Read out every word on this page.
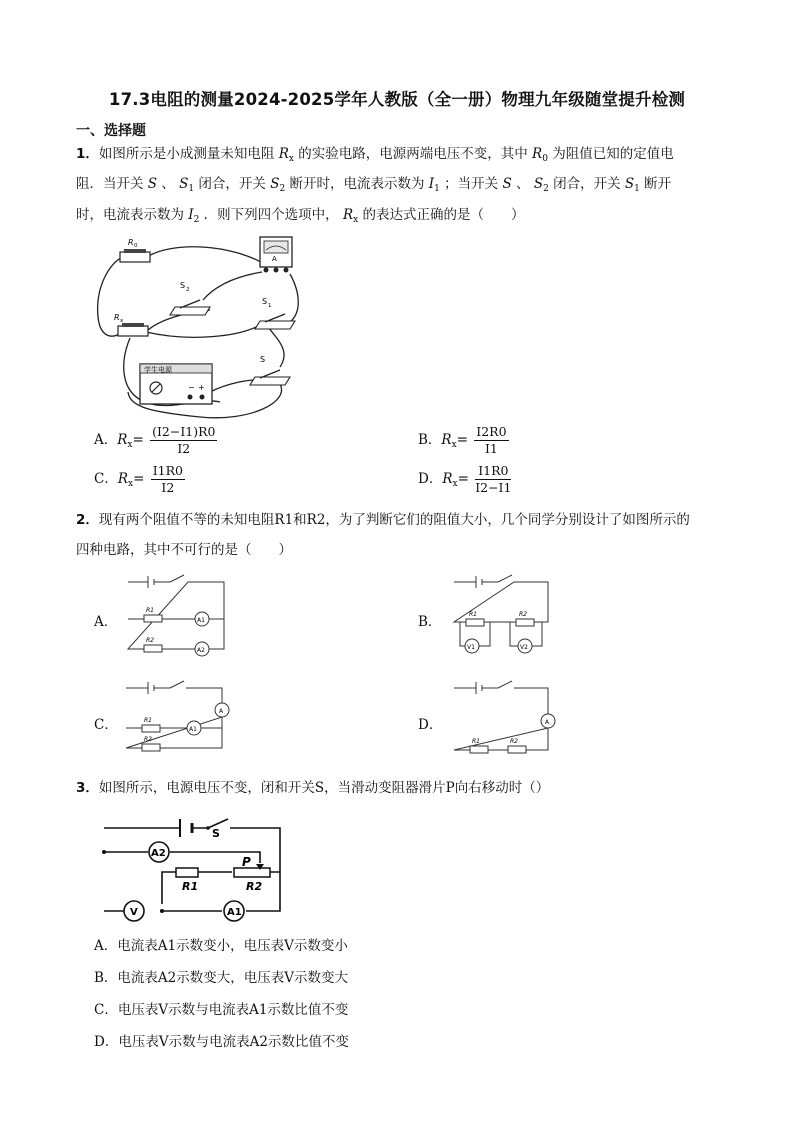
17.3电阻的测量2024-2025学年人教版（全一册）物理九年级随堂提升检测
一、选择题
1．如图所示是小成测量未知电阻 $R_x$ 的实验电路，电源两端电压不变，其中 $R_0$ 为阻值已知的定值电
阻．当开关 S 、 $S_1$ 闭合，开关 $S_2$ 断开时，电流表示数为 $I_1$ ；当开关 S 、 $S_2$ 闭合，开关 $S_1$ 断开
时，电流表示数为 $I_2$ ．则下列四个选项中， $R_x$ 的表达式正确的是（　　）
R 0
R x
A
S 2
S 1
S
学生电源
− +
A．$R_x= \frac{(I2-I1)R0}{I2}$	B．$R_x= \frac{I2R0}{I1}$
C．$R_x= \frac{I1R0}{I2}$	D．$R_x= \frac{I1R0}{I2-I1}$
2．现有两个阻值不等的未知电阻R1和R2，为了判断它们的阻值大小，几个同学分别设计了如图所示的
四种电路，其中不可行的是（　　）
A．
R1
A1
R2
A2
B．	R1	R2
V1	V2
C．
A
R1
A1
R2
D．	A
R1	R2
3．如图所示，电源电压不变，闭和开关S，当滑动变阻器滑片P向右移动时（）
S
P
R1	R2
A2
V	A1
A．电流表A1示数变小，电压表V示数变小
B．电流表A2示数变大，电压表V示数变大
C．电压表V示数与电流表A1示数比值不变
D．电压表V示数与电流表A2示数比值不变
